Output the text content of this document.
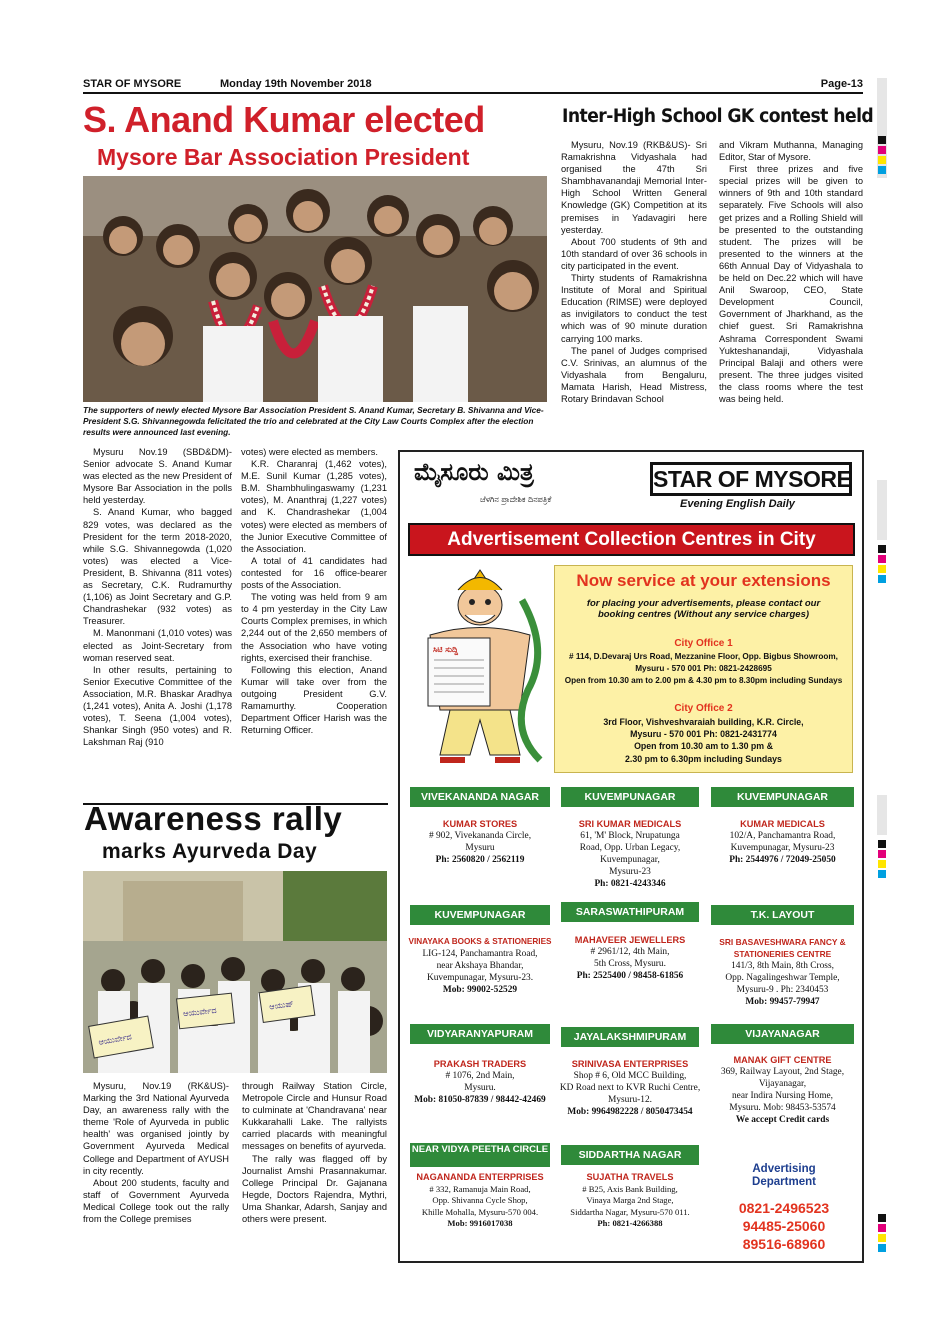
STAR OF MYSORE	Monday 19th November 2018	Page-13
S. Anand Kumar elected
Mysore Bar Association President
The supporters of newly elected Mysore Bar Association President S. Anand Kumar, Secretary B. Shivanna and Vice-President S.G. Shivannegowda felicitated the trio and celebrated at the City Law Courts Complex after the election results were announced last evening.

Mysuru Nov.19 (SBD&DM)- Senior advocate S. Anand Kumar was elected as the new President of Mysore Bar Association in the polls held yesterday.

S. Anand Kumar, who bagged 829 votes, was declared as the President for the term 2018-2020, while S.G. Shivannegowda (1,020 votes) was elected a Vice-President, B. Shivanna (811 votes) as Secretary, C.K. Rudramurthy (1,106) as Joint Secretary and G.P. Chandrashekar (932 votes) as Treasurer.

M. Manonmani (1,010 votes) was elected as Joint-Secretary from woman reserved seat.

In other results, pertaining to Senior Executive Committee of the Association, M.R. Bhaskar Aradhya (1,241 votes), Anita A. Joshi (1,178 votes), T. Seena (1,004 votes), Shankar Singh (950 votes) and R. Lakshman Raj (910

votes) were elected as members.

K.R. Charanraj (1,462 votes), M.E. Sunil Kumar (1,285 votes), B.M. Shambhulingaswamy (1,231 votes), M. Ananthraj (1,227 votes) and K. Chandrashekar (1,004 votes) were elected as members of the Junior Executive Committee of the Association.

A total of 41 candidates had contested for 16 office-bearer posts of the Association.

The voting was held from 9 am to 4 pm yesterday in the City Law Courts Complex premises, in which 2,244 out of the 2,650 members of the Association who have voting rights, exercised their franchise.

Following this election, Anand Kumar will take over from the outgoing President G.V. Ramamurthy. Cooperation Department Officer Harish was the Returning Officer.

Inter-High School GK contest held

Mysuru, Nov.19 (RKB&US)- Sri Ramakrishna Vidyashala had organised the 47th Sri Shambhavanandaji Memorial Inter-High School Written General Knowledge (GK) Competition at its premises in Yadavagiri here yesterday.

About 700 students of 9th and 10th standard of over 36 schools in city participated in the event.

Thirty students of Ramakrishna Institute of Moral and Spiritual Education (RIMSE) were deployed as invigilators to conduct the test which was of 90 minute duration carrying 100 marks.

The panel of Judges comprised C.V. Srinivas, an alumnus of the Vidyashala from Bengaluru, Mamata Harish, Head Mistress, Rotary Brindavan School

and Vikram Muthanna, Managing Editor, Star of Mysore.

First three prizes and five special prizes will be given to winners of 9th and 10th standard separately. Five Schools will also get prizes and a Rolling Shield will be presented to the outstanding student. The prizes will be presented to the winners at the 66th Annual Day of Vidyashala to be held on Dec.22 which will have Anil Swaroop, CEO, State Development Council, Government of Jharkhand, as the chief guest. Sri Ramakrishna Ashrama Correspondent Swami Yukteshanandaji, Vidyashala Principal Balaji and others were present. The three judges visited the class rooms where the test was being held.

Awareness rally
marks Ayurveda Day
ಆಯುರ್ವೇದ
ಆಯುರ್ವೇದ
ಆಯುಷ್

Mysuru, Nov.19 (RK&US)- Marking the 3rd National Ayurveda Day, an awareness rally with the theme 'Role of Ayurveda in public health' was organised jointly by Government Ayurveda Medical College and Department of AYUSH in city recently.

About 200 students, faculty and staff of Government Ayurveda Medical College took out the rally from the College premises

through Railway Station Circle, Metropole Circle and Hunsur Road to culminate at 'Chandravana' near Kukkarahalli Lake. The rallyists carried placards with meaningful messages on benefits of ayurveda.

The rally was flagged off by Journalist Amshi Prasannakumar. College Principal Dr. Gajanana Hegde, Doctors Rajendra, Mythri, Uma Shankar, Adarsh, Sanjay and others were present.

ಮೈಸೂರು ಮಿತ್ರ
ಜೆಳಗಿನ ಪ್ರಾದೇಶಿಕ ದಿನಪತ್ರಿಕೆ
STAR OF MYSORE
Evening English Daily
Advertisement Collection Centres in City
ಸಿಟಿ ಸುದ್ದಿ
Now service at your extensions
for placing your advertisements, please contact our booking centres (Without any service charges)
City Office 1
# 114, D.Devaraj Urs Road, Mezzanine Floor, Opp. Bigbus Showroom,
Mysuru - 570 001 Ph: 0821-2428695
Open from 10.30 am to 2.00 pm & 4.30 pm to 8.30pm including Sundays
City Office 2
3rd Floor, Vishveshvaraiah building, K.R. Circle,
Mysuru - 570 001 Ph: 0821-2431774
Open from 10.30 am to 1.30 pm &
2.30 pm to 6.30pm including Sundays
VIVEKANANDA NAGAR
KUMAR STORES
# 902, Vivekananda Circle,
Mysuru
Ph: 2560820 / 2562119
KUVEMPUNAGAR
SRI KUMAR MEDICALS
61, 'M' Block, Nrupatunga
Road, Opp. Urban Legacy,
Kuvempunagar,
Mysuru-23
Ph: 0821-4243346
KUVEMPUNAGAR
KUMAR MEDICALS
102/A, Panchamantra Road,
Kuvempunagar, Mysuru-23
Ph: 2544976 / 72049-25050
KUVEMPUNAGAR
VINAYAKA BOOKS & STATIONERIES
LIG-124, Panchamantra Road,
near Akshaya Bhandar,
Kuvempunagar, Mysuru-23.
Mob: 99002-52529
SARASWATHIPURAM
MAHAVEER JEWELLERS
# 2961/12, 4th Main,
5th Cross, Mysuru.
Ph: 2525400 / 98458-61856
T.K. LAYOUT
SRI BASAVESHWARA FANCY & STATIONERIES CENTRE
141/3, 8th Main, 8th Cross,
Opp. Nagalingeshwar Temple,
Mysuru-9 . Ph: 2340453
Mob: 99457-79947
VIDYARANYAPURAM
PRAKASH TRADERS
# 1076, 2nd Main,
Mysuru.
Mob: 81050-87839 / 98442-42469
JAYALAKSHMIPURAM
SRINIVASA ENTERPRISES
Shop # 6, Old MCC Building,
KD Road next to KVR Ruchi Centre,
Mysuru-12.
Mob: 9964982228 / 8050473454
VIJAYANAGAR
MANAK GIFT CENTRE
369, Railway Layout, 2nd Stage,
Vijayanagar,
near Indira Nursing Home,
Mysuru. Mob: 98453-53574
We accept Credit cards
NEAR VIDYA PEETHA CIRCLE
NAGANANDA ENTERPRISES
# 332, Ramanuja Main Road,
Opp. Shivanna Cycle Shop,
Khille Mohalla, Mysuru-570 004.
Mob: 9916017038
SIDDARTHA NAGAR
SUJATHA TRAVELS
# B25, Axis Bank Building,
Vinaya Marga 2nd Stage,
Siddartha Nagar, Mysuru-570 011.
Ph: 0821-4266388
Advertising Department
0821-2496523
94485-25060
89516-68960
